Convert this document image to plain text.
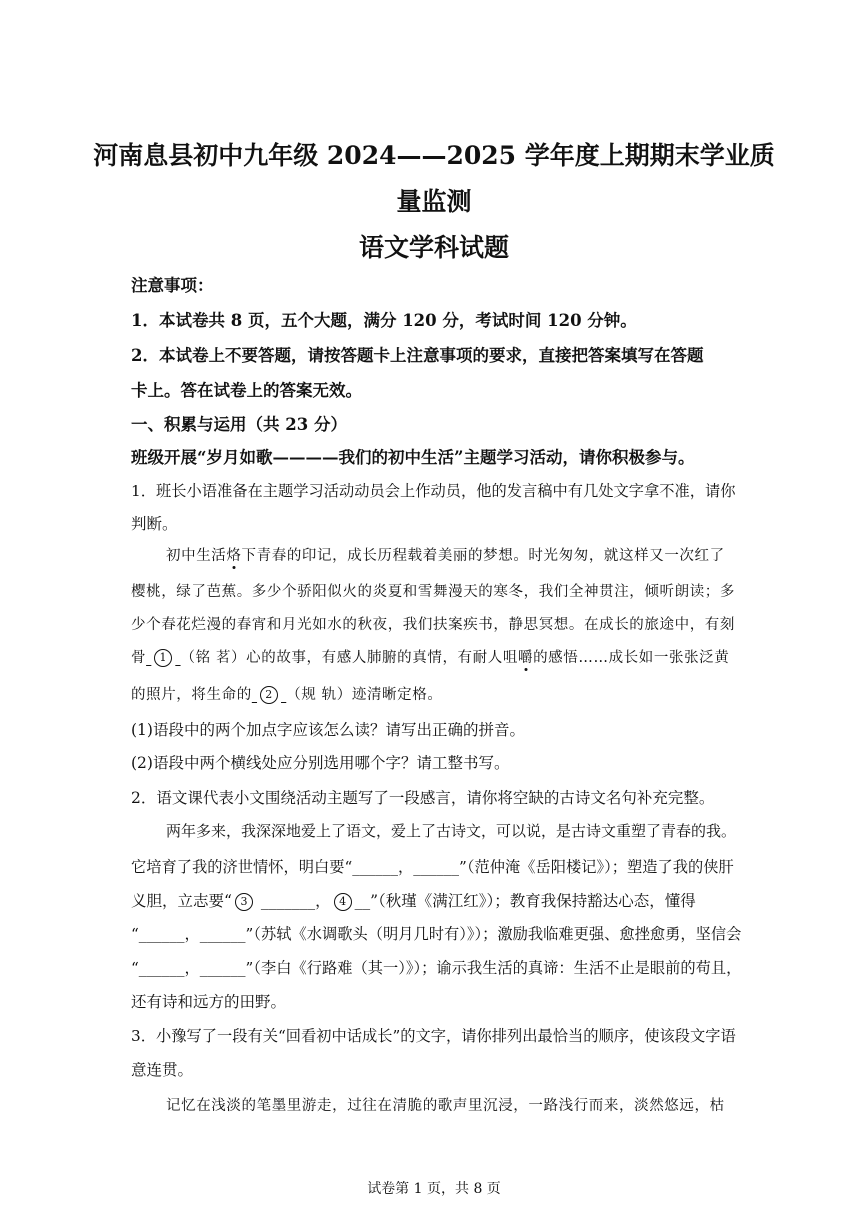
河南息县初中九年级 2024——2025 学年度上期期末学业质
量监测
语文学科试题
注意事项：
1．本试卷共 8 页，五个大题，满分 120 分，考试时间 120 分钟。
2．本试卷上不要答题，请按答题卡上注意事项的要求，直接把答案填写在答题
卡上。答在试卷上的答案无效。
一、积累与运用（共 23 分）
班级开展“岁月如歌————我们的初中生活”主题学习活动，请你积极参与。
1．班长小语准备在主题学习活动动员会上作动员，他的发言稿中有几处文字拿不准，请你
判断。
初中生活烙下青春的印记，成长历程载着美丽的梦想。时光匆匆，就这样又一次红了
樱桃，绿了芭蕉。多少个骄阳似火的炎夏和雪舞漫天的寒冬，我们全神贯注，倾听朗读；多
少个春花烂漫的春宵和月光如水的秋夜，我们扶案疾书，静思冥想。在成长的旅途中，有刻
骨 1 （铭 茗）心的故事，有感人肺腑的真情，有耐人咀嚼的感悟……成长如一张张泛黄
的照片，将生命的 2 （规 轨）迹清晰定格。
(1)语段中的两个加点字应该怎么读？请写出正确的拼音。
(2)语段中两个横线处应分别选用哪个字？请工整书写。
2．语文课代表小文围绕活动主题写了一段感言，请你将空缺的古诗文名句补充完整。
两年多来，我深深地爱上了语文，爱上了古诗文，可以说，是古诗文重塑了青春的我。
它培育了我的济世情怀，明白要“______，______”（范仲淹《岳阳楼记》）；塑造了我的侠肝
义胆，立志要“ 3 _______， 4 __”（秋瑾《满江红》）；教育我保持豁达心态，懂得
“______，______”（苏轼《水调歌头（明月几时有）》）；激励我临难更强、愈挫愈勇，坚信会
“______，______”（李白《行路难（其一）》）；谕示我生活的真谛：生活不止是眼前的苟且，
还有诗和远方的田野。
3．小豫写了一段有关“回看初中话成长”的文字，请你排列出最恰当的顺序，使该段文字语
意连贯。
记忆在浅淡的笔墨里游走，过往在清脆的歌声里沉浸，一路浅行而来，淡然悠远，枯
试卷第 1 页，共 8 页
